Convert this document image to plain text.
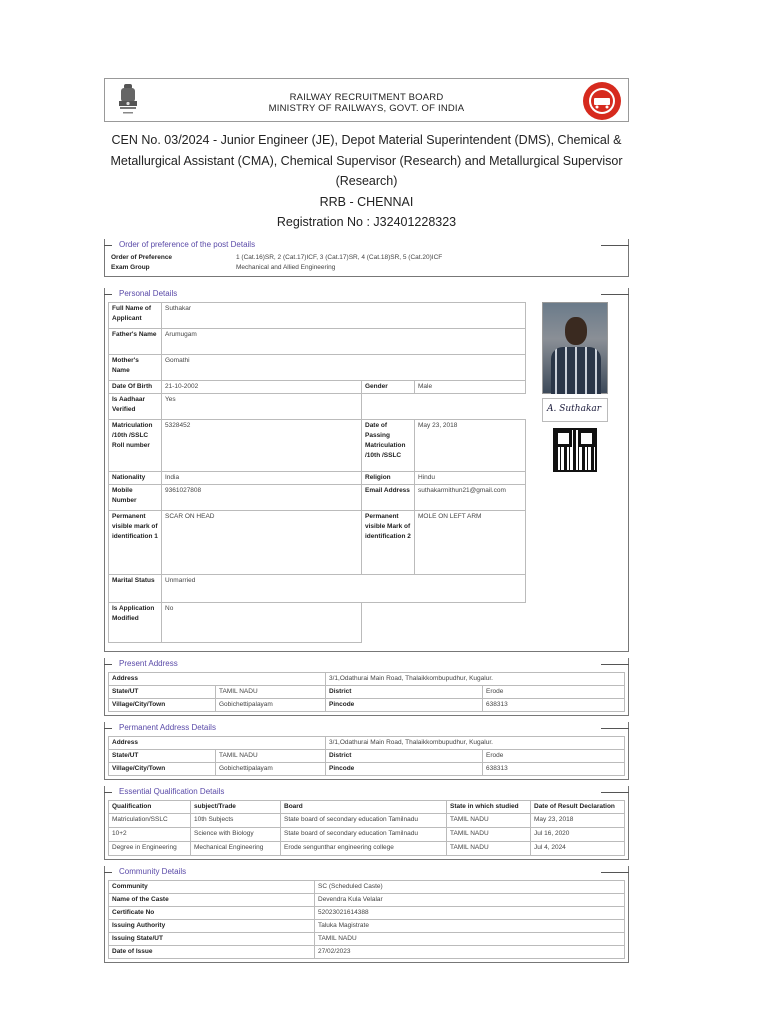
RAILWAY RECRUITMENT BOARD
MINISTRY OF RAILWAYS, GOVT. OF INDIA
CEN No. 03/2024 - Junior Engineer (JE), Depot Material Superintendent (DMS), Chemical & Metallurgical Assistant (CMA), Chemical Supervisor (Research) and Metallurgical Supervisor (Research)
RRB - CHENNAI
Registration No : J32401228323
Order of preference of the post Details
Order of Preference	1 (Cat.16)SR, 2 (Cat.17)ICF, 3 (Cat.17)SR, 4 (Cat.18)SR, 5 (Cat.20)ICF
Exam Group	Mechanical and Allied Engineering
Personal Details
Full Name of Applicant	Suthakar		
Father's Name	Arumugam		
Mother's Name	Gomathi		
Date Of Birth	21-10-2002	Gender	Male
Is Aadhaar Verified	Yes		
Matriculation /10th /SSLC Roll number	5328452	Date of Passing Matriculation /10th /SSLC	May 23, 2018
Nationality	India	Religion	Hindu
Mobile Number	9361027808	Email Address	suthakarmithun21@gmail.com
Permanent visible mark of identification 1	SCAR ON HEAD	Permanent visible Mark of identification 2	MOLE ON LEFT ARM
Marital Status	Unmarried		
Is Application Modified	No		
A. Suthakar
Present Address
Address		3/1,Odathurai Main Road, Thalaikkombupudhur, Kugalur.	
State/UT	TAMIL NADU	District	Erode
Village/City/Town	Gobichettipalayam	Pincode	638313
Permanent Address Details
Address		3/1,Odathurai Main Road, Thalaikkombupudhur, Kugalur.	
State/UT	TAMIL NADU	District	Erode
Village/City/Town	Gobichettipalayam	Pincode	638313
Essential Qualification Details
Qualification	subject/Trade	Board	State in which studied	Date of Result Declaration
Matriculation/SSLC	10th Subjects	State board of secondary education Tamilnadu	TAMIL NADU	May 23, 2018
10+2	Science with Biology	State board of secondary education Tamilnadu	TAMIL NADU	Jul 16, 2020
Degree in Engineering	Mechanical Engineering	Erode sengunthar engineering college	TAMIL NADU	Jul 4, 2024
Community Details
Community	SC (Scheduled Caste)
Name of the Caste	Devendra Kula Velalar
Certificate No	52023021614388
Issuing Authority	Taluka Magistrate
Issuing State/UT	TAMIL NADU
Date of Issue	27/02/2023
